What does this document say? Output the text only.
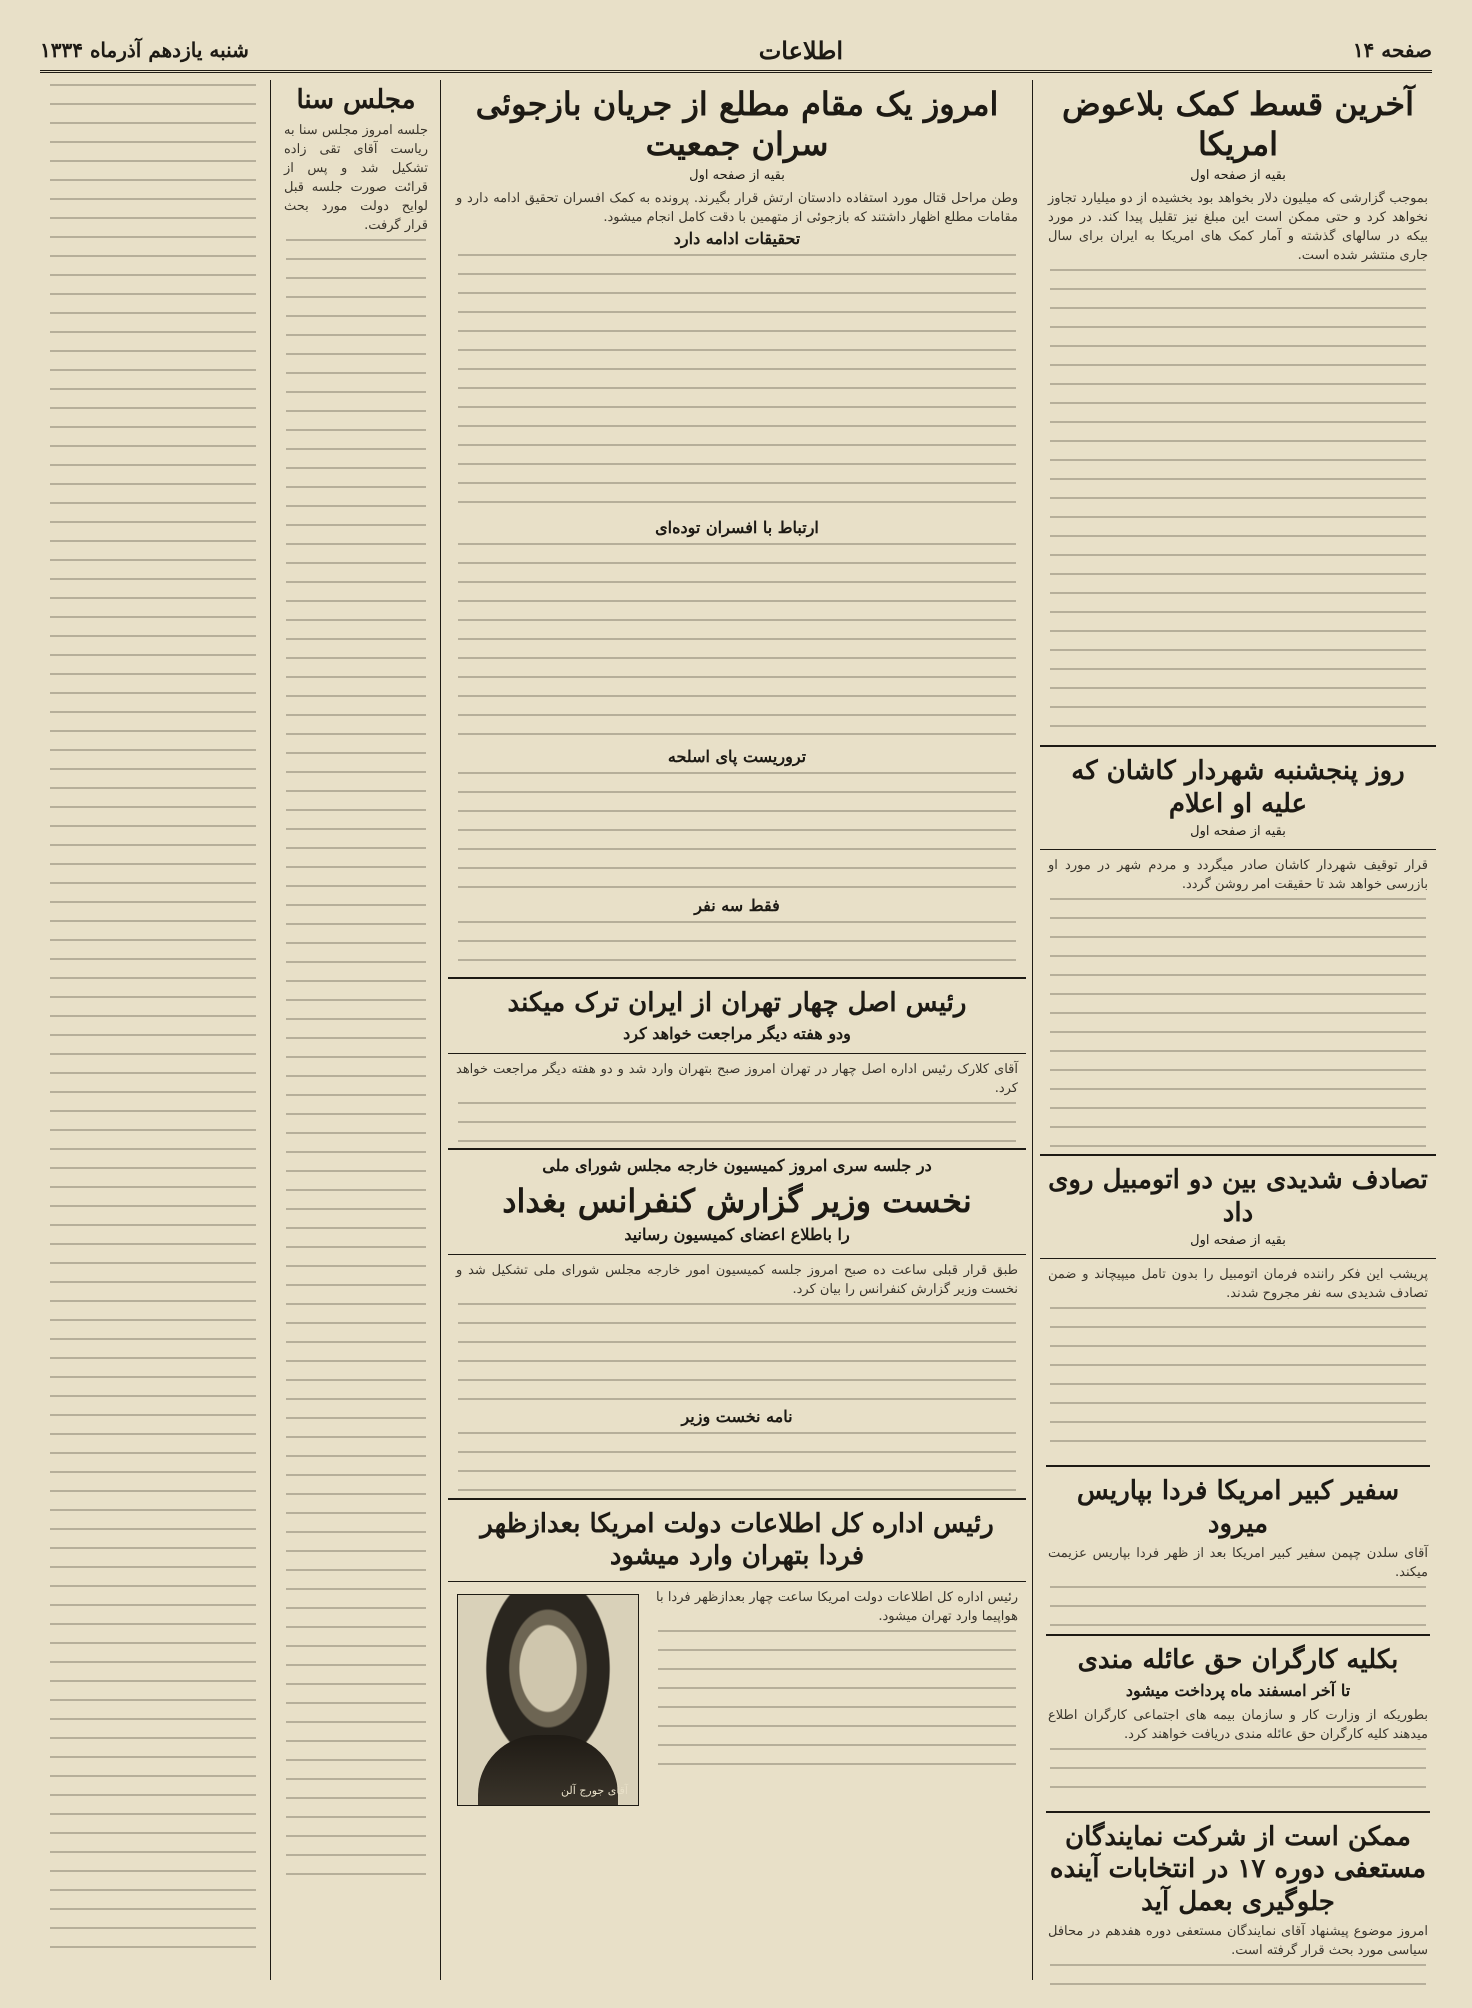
صفحه ۱۴
اطلاعات
شنبه یازدهم آذرماه ۱۳۳۴
آخرین قسط کمک بلاعوض امریکا
بقیه از صفحه اول
بموجب گزارشی که میلیون دلار بخواهد بود بخشیده از دو میلیارد تجاوز نخواهد کرد و حتی ممکن است این مبلغ نیز تقلیل پیدا کند. در مورد بیکه در سالهای گذشته و آمار کمک های امریکا به ایران برای سال جاری منتشر شده است.
روز پنجشنبه شهردار کاشان که علیه او اعلام
بقیه از صفحه اول
قرار توقیف شهردار کاشان صادر میگردد و مردم شهر در مورد او بازرسی خواهد شد تا حقیقت امر روشن گردد.
تصادف شدیدی بین دو اتومبیل روی داد
بقیه از صفحه اول
پریشب این فکر راننده فرمان اتومبیل را بدون تامل میپیچاند و ضمن تصادف شدیدی سه نفر مجروح شدند.
سفیر کبیر امریکا فردا بپاریس میرود
آقای سلدن چپمن سفیر کبیر امریکا بعد از ظهر فردا بپاریس عزیمت میکند.
بکلیه کارگران حق عائله مندی
تا آخر امسفند ماه پرداخت میشود
بطوریکه از وزارت کار و سازمان بیمه های اجتماعی کارگران اطلاع میدهند کلیه کارگران حق عائله مندی دریافت خواهند کرد.
ممکن است از شرکت نمایندگان مستعفی دوره ۱۷ در انتخابات آینده جلوگیری بعمل آید
امروز موضوع پیشنهاد آقای نمایندگان مستعفی دوره هفدهم در محافل سیاسی مورد بحث قرار گرفته است.
امروز یک مقام مطلع از جریان بازجوئی سران جمعیت
بقیه از صفحه اول
وطن مراحل قتال مورد استفاده دادستان ارتش قرار بگیرند. پرونده به کمک افسران تحقیق ادامه دارد و مقامات مطلع اظهار داشتند که بازجوئی از متهمین با دقت کامل انجام میشود.
تحقیقات ادامه دارد
ارتباط با افسران توده‌ای
تروریست پای اسلحه
فقط سه نفر
رئیس اصل چهار تهران از ایران ترک میکند
ودو هفته دیگر مراجعت خواهد کرد
آقای کلارک رئیس اداره اصل چهار در تهران امروز صبح بتهران وارد شد و دو هفته دیگر مراجعت خواهد کرد.
در جلسه سری امروز کمیسیون خارجه مجلس شورای ملی
نخست وزیر گزارش کنفرانس بغداد
را باطلاع اعضای کمیسیون رسانید
طبق قرار قبلی ساعت ده صبح امروز جلسه کمیسیون امور خارجه مجلس شورای ملی تشکیل شد و نخست وزیر گزارش کنفرانس را بیان کرد.
نامه نخست وزیر
رئیس اداره کل اطلاعات دولت امریکا بعدازظهر فردا بتهران وارد میشود
رئیس اداره کل اطلاعات دولت امریکا ساعت چهار بعدازظهر فردا با هواپیما وارد تهران میشود.
آقای جورج آلن
مجلس سنا
جلسه امروز مجلس سنا به ریاست آقای تقی زاده تشکیل شد و پس از قرائت صورت جلسه قبل لوایح دولت مورد بحث قرار گرفت.
